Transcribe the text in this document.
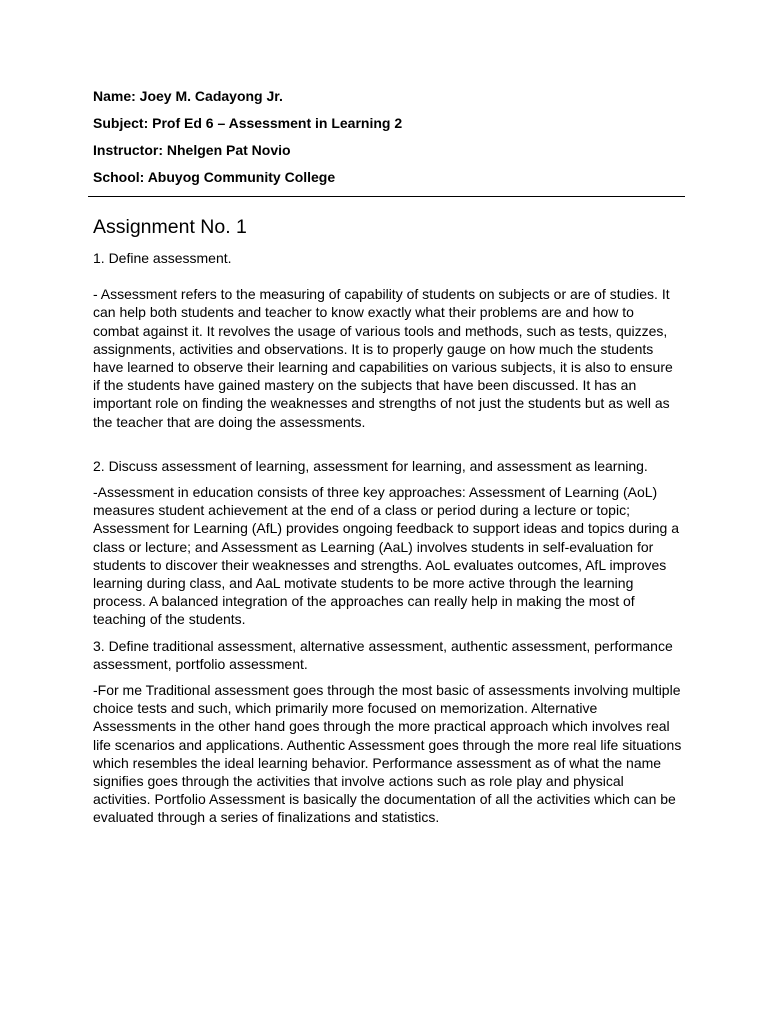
Name: Joey M. Cadayong Jr.

Subject: Prof Ed 6 – Assessment in Learning 2

Instructor: Nhelgen Pat Novio

School: Abuyog Community College

Assignment No. 1

1. Define assessment.

- Assessment refers to the measuring of capability of students on subjects or are of studies. It can help both students and teacher to know exactly what their problems are and how to combat against it. It revolves the usage of various tools and methods, such as tests, quizzes, assignments, activities and observations. It is to properly gauge on how much the students have learned to observe their learning and capabilities on various subjects, it is also to ensure if the students have gained mastery on the subjects that have been discussed. It has an important role on finding the weaknesses and strengths of not just the students but as well as the teacher that are doing the assessments.

2. Discuss assessment of learning, assessment for learning, and assessment as learning.

-Assessment in education consists of three key approaches: Assessment of Learning (AoL) measures student achievement at the end of a class or period during a lecture or topic; Assessment for Learning (AfL) provides ongoing feedback to support ideas and topics during a class or lecture; and Assessment as Learning (AaL) involves students in self-evaluation for students to discover their weaknesses and strengths. AoL evaluates outcomes, AfL improves learning during class, and AaL motivate students to be more active through the learning process. A balanced integration of the approaches can really help in making the most of teaching of the students.

3. Define traditional assessment, alternative assessment, authentic assessment, performance assessment, portfolio assessment.

-For me Traditional assessment goes through the most basic of assessments involving multiple choice tests and such, which primarily more focused on memorization. Alternative Assessments in the other hand goes through the more practical approach which involves real life scenarios and applications. Authentic Assessment goes through the more real life situations which resembles the ideal learning behavior. Performance assessment as of what the name signifies goes through the activities that involve actions such as role play and physical activities. Portfolio Assessment is basically the documentation of all the activities which can be evaluated through a series of finalizations and statistics.
